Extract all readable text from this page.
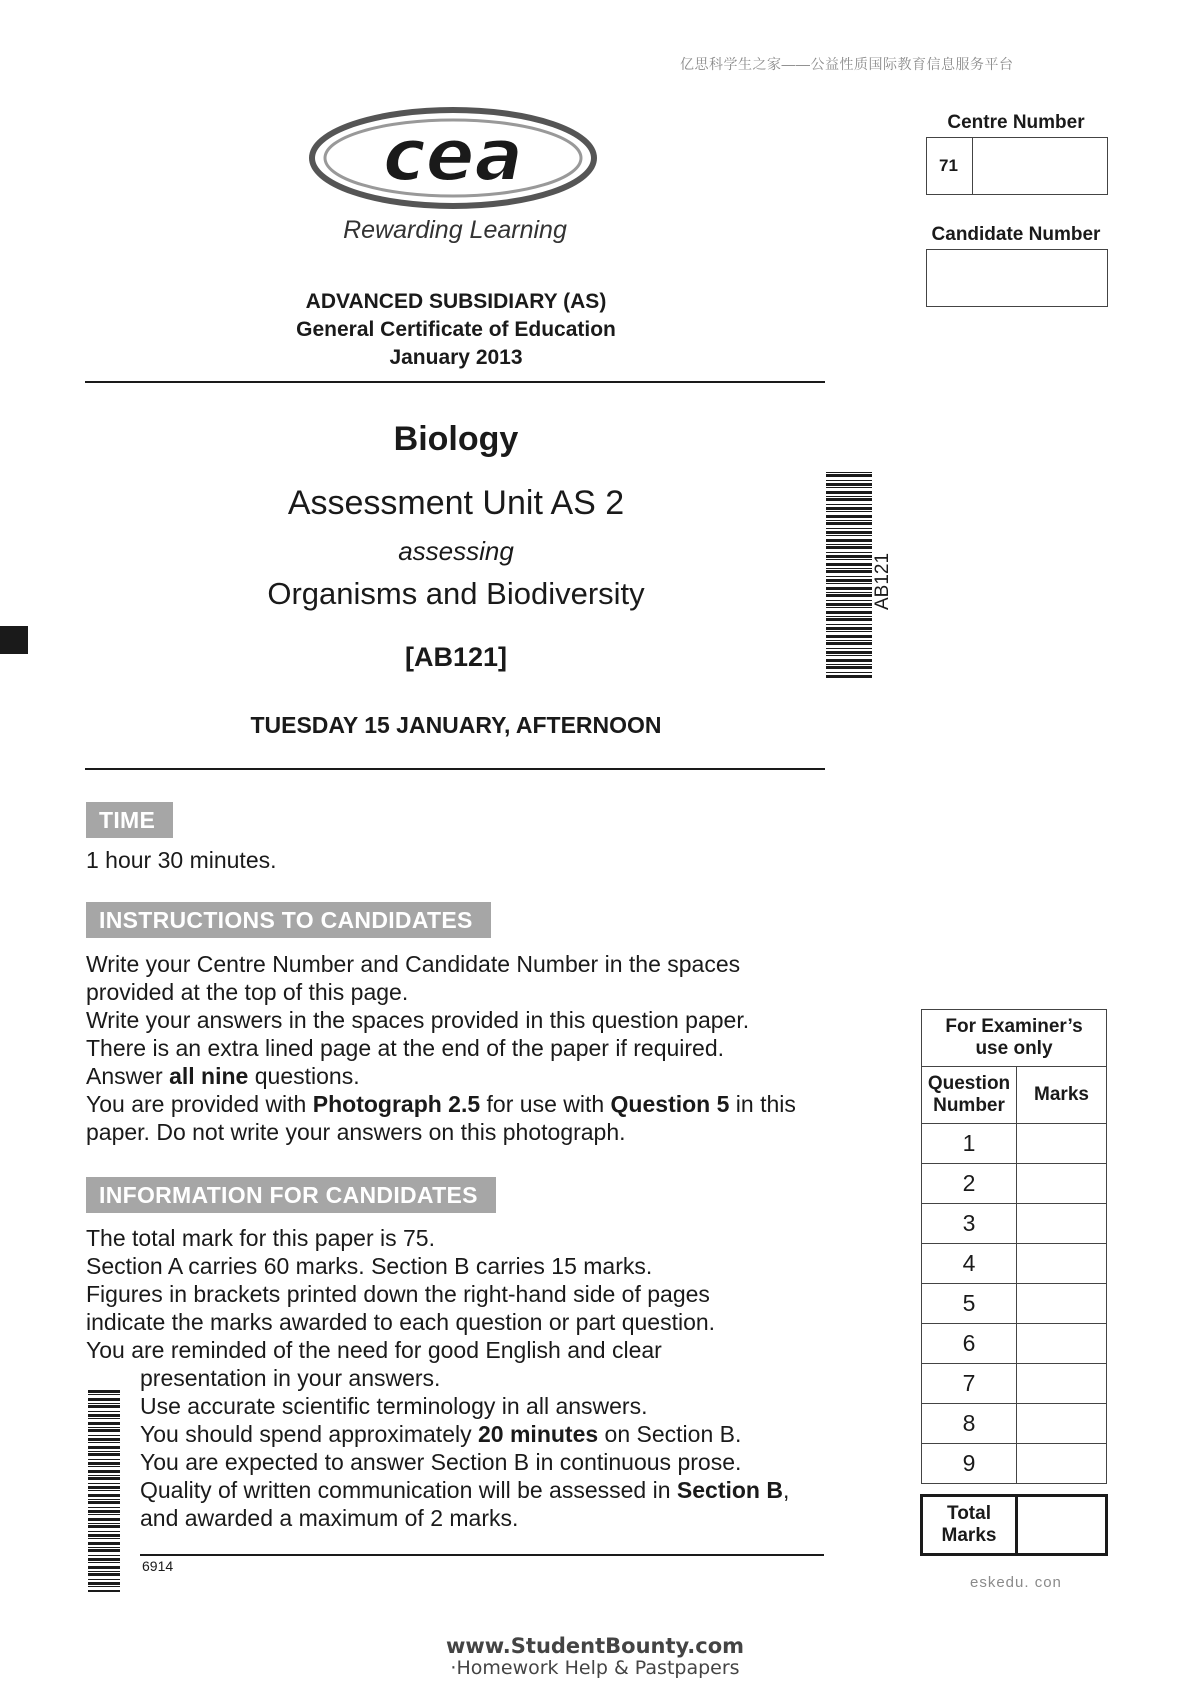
亿思科学生之家——公益性质国际教育信息服务平台
cea
Rewarding Learning
ADVANCED SUBSIDIARY (AS)
General Certificate of Education
January 2013
Biology
Assessment Unit AS 2
assessing
Organisms and Biodiversity
[AB121]
TUESDAY 15 JANUARY, AFTERNOON
AB121
Centre Number
71
Candidate Number
TIME
1 hour 30 minutes.
INSTRUCTIONS TO CANDIDATES
Write your Centre Number and Candidate Number in the spaces
provided at the top of this page.
Write your answers in the spaces provided in this question paper.
There is an extra lined page at the end of the paper if required.
Answer all nine questions.
You are provided with Photograph 2.5 for use with Question 5 in this
paper. Do not write your answers on this photograph.
INFORMATION FOR CANDIDATES
The total mark for this paper is 75.
Section A carries 60 marks. Section B carries 15 marks.
Figures in brackets printed down the right-hand side of pages
indicate the marks awarded to each question or part question.
You are reminded of the need for good English and clear
presentation in your answers.
Use accurate scientific terminology in all answers.
You should spend approximately 20 minutes on Section B.
You are expected to answer Section B in continuous prose.
Quality of written communication will be assessed in Section B,
and awarded a maximum of 2 marks.
For Examiner’s
use only	
Question
Number	Marks
1	
2	
3	
4	
5	
6	
7	
8	
9	

Total
Marks	
6914
eskedu. con
www.StudentBounty.com
·Homework Help & Pastpapers
